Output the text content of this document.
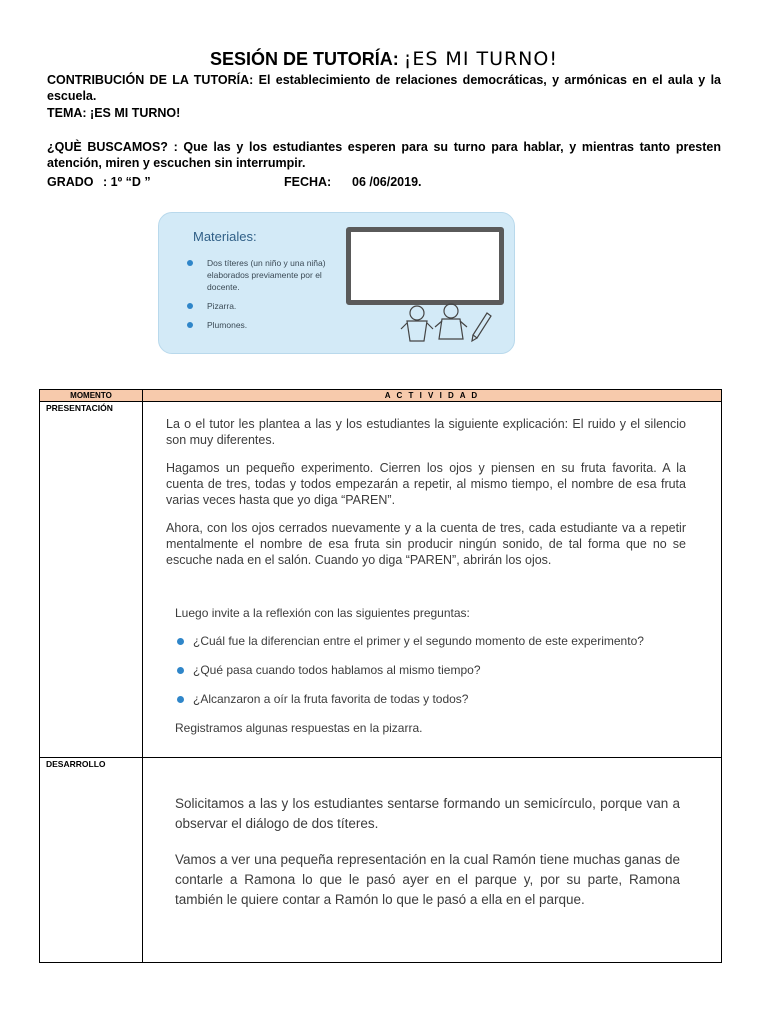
SESIÓN DE TUTORÍA: ¡ES MI TURNO!
CONTRIBUCIÓN DE LA TUTORÍA: El establecimiento de relaciones democráticas, y armónicas en el aula y la escuela.
TEMA: ¡ES MI TURNO!
¿QUÈ BUSCAMOS? : Que las y los estudiantes esperen para su turno para hablar, y mientras tanto presten atención, miren y escuchen sin interrumpir.
GRADO : 1º “D ”	FECHA: 06 /06/2019.
Materiales:
Dos títeres (un niño y una niña) elaborados previamente por el docente.
Pizarra.
Plumones.
MOMENTO	A C T I V I D A D
PRESENTACIÓN
DESARROLLO

La o el tutor les plantea a las y los estudiantes la siguiente explicación: El ruido y el silencio son muy diferentes.

Hagamos un pequeño experimento. Cierren los ojos y piensen en su fruta favorita. A la cuenta de tres, todas y todos empezarán a repetir, al mismo tiempo, el nombre de esa fruta varias veces hasta que yo diga “PAREN”.

Ahora, con los ojos cerrados nuevamente y a la cuenta de tres, cada estudiante va a repetir mentalmente el nombre de esa fruta sin producir ningún sonido, de tal forma que no se escuche nada en el salón. Cuando yo diga “PAREN”, abrirán los ojos.

Luego invite a la reflexión con las siguientes preguntas:
¿Cuál fue la diferencian entre el primer y el segundo momento de este experimento?
¿Qué pasa cuando todos hablamos al mismo tiempo?
¿Alcanzaron a oír la fruta favorita de todas y todos?
Registramos algunas respuestas en la pizarra.

Solicitamos a las y los estudiantes sentarse formando un semicírculo, porque van a observar el diálogo de dos títeres.

Vamos a ver una pequeña representación en la cual Ramón tiene muchas ganas de contarle a Ramona lo que le pasó ayer en el parque y, por su parte, Ramona también le quiere contar a Ramón lo que le pasó a ella en el parque.
